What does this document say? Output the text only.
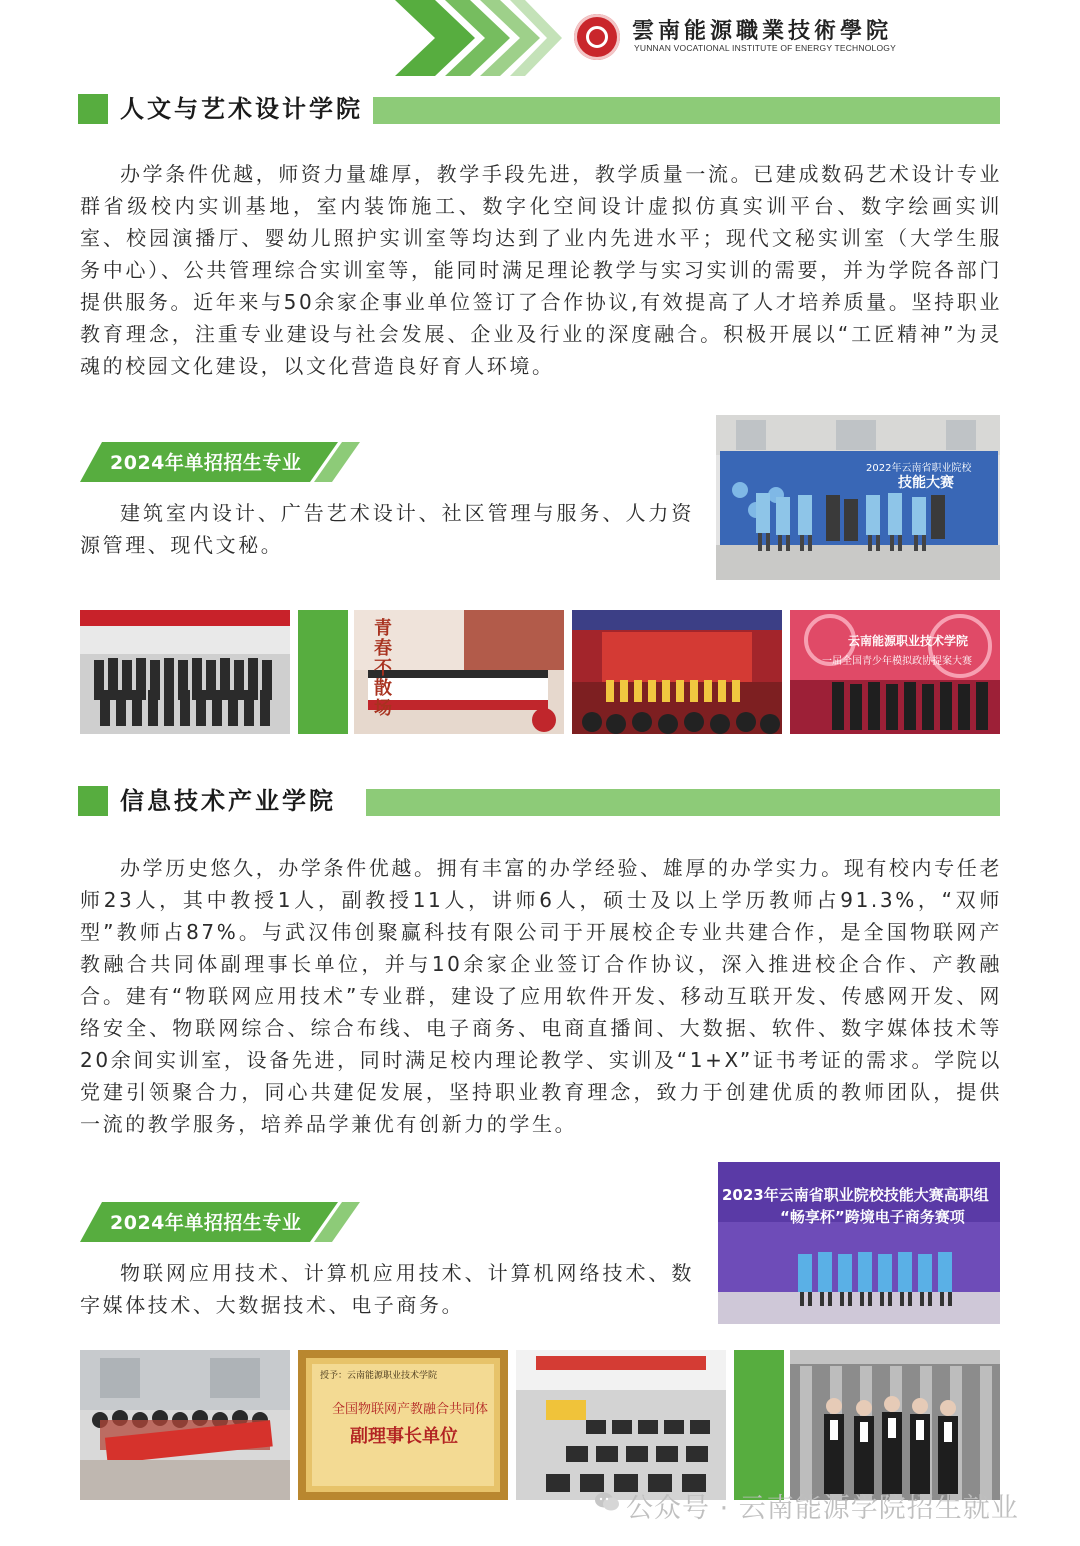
雲南能源職業技術學院
YUNNAN VOCATIONAL INSTITUTE OF ENERGY TECHNOLOGY
人文与艺术设计学院

办学条件优越，师资力量雄厚，教学手段先进，教学质量一流。已建成数码艺术设计专业群省级校内实训基地，室内装饰施工、数字化空间设计虚拟仿真实训平台、数字绘画实训室、校园演播厅、婴幼儿照护实训室等均达到了业内先进水平；现代文秘实训室（大学生服务中心）、公共管理综合实训室等，能同时满足理论教学与实习实训的需要，并为学院各部门提供服务。近年来与50余家企事业单位签订了合作协议,有效提高了人才培养质量。坚持职业教育理念，注重专业建设与社会发展、企业及行业的深度融合。积极开展以“工匠精神”为灵魂的校园文化建设，以文化营造良好育人环境。

2024年单招招生专业

建筑室内设计、广告艺术设计、社区管理与服务、人力资源管理、现代文秘。

2022年云南省职业院校
技能大赛
青春不散场	云南能源职业技术学院
一届全国青少年模拟政协提案大赛
信息技术产业学院

办学历史悠久，办学条件优越。拥有丰富的办学经验、雄厚的办学实力。现有校内专任老师23人，其中教授1人，副教授11人，讲师6人，硕士及以上学历教师占91.3%，“双师型”教师占87%。与武汉伟创聚赢科技有限公司于开展校企专业共建合作，是全国物联网产教融合共同体副理事长单位，并与10余家企业签订合作协议，深入推进校企合作、产教融合。建有“物联网应用技术”专业群，建设了应用软件开发、移动互联开发、传感网开发、网络安全、物联网综合、综合布线、电子商务、电商直播间、大数据、软件、数字媒体技术等20余间实训室，设备先进，同时满足校内理论教学、实训及“1+X”证书考证的需求。学院以党建引领聚合力，同心共建促发展，坚持职业教育理念，致力于创建优质的教师团队，提供一流的教学服务，培养品学兼优有创新力的学生。

2024年单招招生专业

物联网应用技术、计算机应用技术、计算机网络技术、数字媒体技术、大数据技术、电子商务。

2023年云南省职业院校技能大赛高职组
“畅享杯”跨境电子商务赛项
授予：云南能源职业技术学院
全国物联网产教融合共同体
副理事长单位
公众号 · 云南能源学院招生就业
